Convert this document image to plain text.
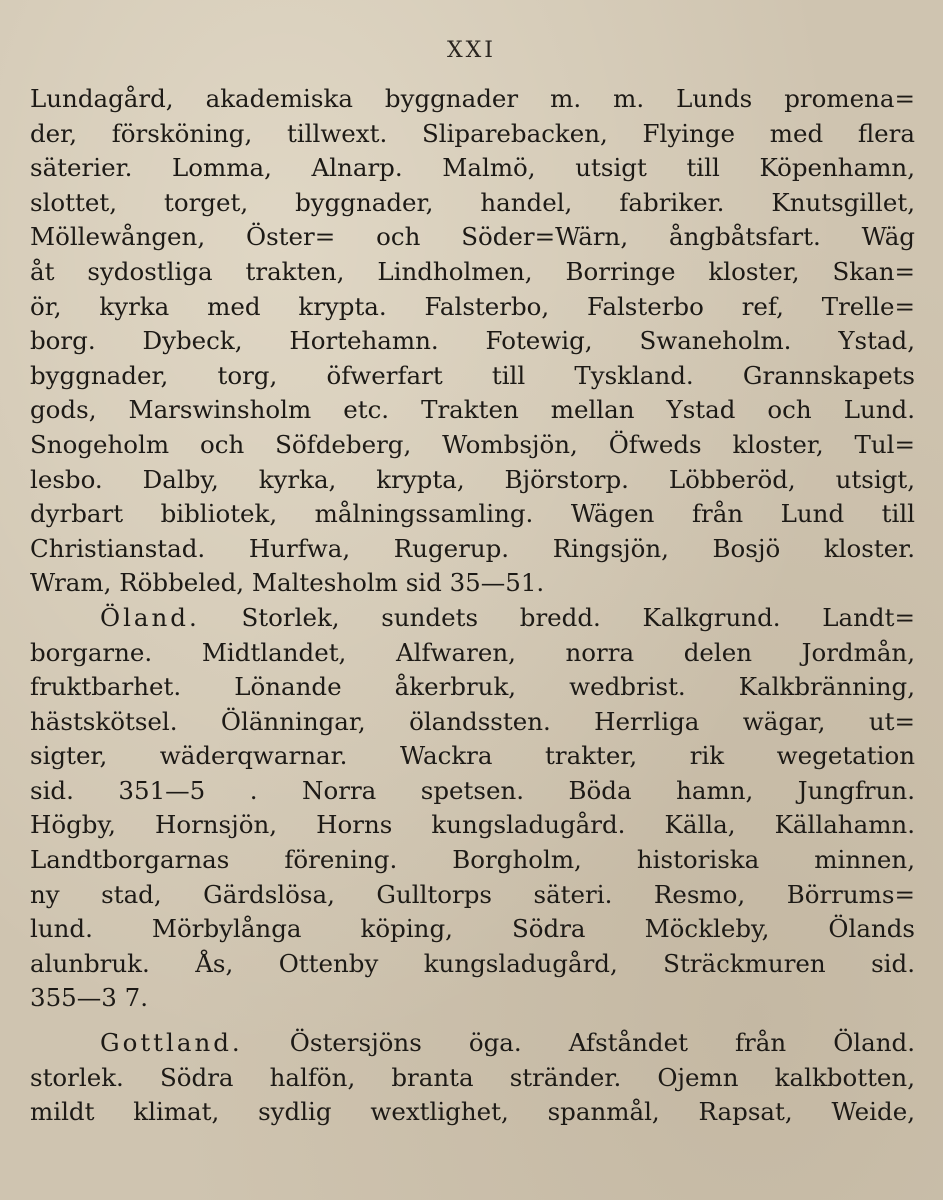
XXI
Lundagård, akademiska byggnader m. m. Lunds promena=
der, försköning, tillwext. Sliparebacken, Flyinge med flera
säterier. Lomma, Alnarp. Malmö, utsigt till Köpenhamn,
slottet, torget, byggnader, handel, fabriker. Knutsgillet,
Möllewången, Öster= och Söder=Wärn, ångbåtsfart. Wäg
åt sydostliga trakten, Lindholmen, Borringe kloster, Skan=
ör, kyrka med krypta. Falsterbo, Falsterbo ref, Trelle=
borg. Dybeck, Hortehamn. Fotewig, Swaneholm. Ystad,
byggnader, torg, öfwerfart till Tyskland. Grannskapets
gods, Marswinsholm etc. Trakten mellan Ystad och Lund.
Snogeholm och Söfdeberg, Wombsjön, Öfweds kloster, Tul=
lesbo. Dalby, kyrka, krypta, Björstorp. Löbberöd, utsigt,
dyrbart bibliotek, målningssamling. Wägen från Lund till
Christianstad. Hurfwa, Rugerup. Ringsjön, Bosjö kloster.
Wram, Röbbeled, Maltesholm sid 35—51.
Öland. Storlek, sundets bredd. Kalkgrund. Landt=
borgarne. Midtlandet, Alfwaren, norra delen Jordmån,
fruktbarhet. Lönande åkerbruk, wedbrist. Kalkbränning,
hästskötsel. Ölänningar, ölandssten. Herrliga wägar, ut=
sigter, wäderqwarnar. Wackra trakter, rik wegetation
sid. 351—5 . Norra spetsen. Böda hamn, Jungfrun.
Högby, Hornsjön, Horns kungsladugård. Källa, Källahamn.
Landtborgarnas förening. Borgholm, historiska minnen,
ny stad, Gärdslösa, Gulltorps säteri. Resmo, Börrums=
lund. Mörbylånga köping, Södra Möckleby, Ölands
alunbruk. Ås, Ottenby kungsladugård, Sträckmuren sid.
355—3 7.
Gottland. Östersjöns öga. Afståndet från Öland.
storlek. Södra halfön, branta stränder. Ojemn kalkbotten,
mildt klimat, sydlig wextlighet, spanmål, Rapsat, Weide,
